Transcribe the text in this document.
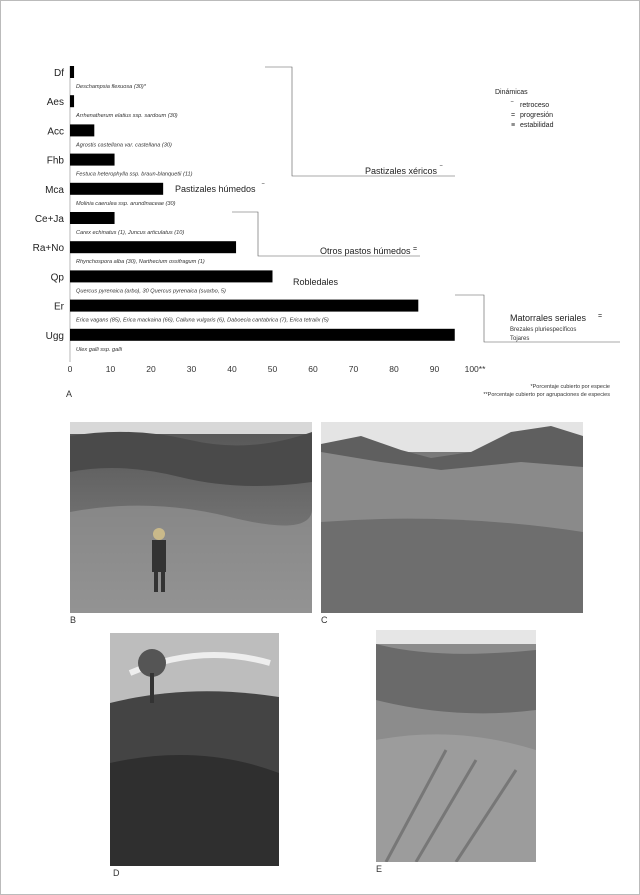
Df
Deschampsia flexuosa (30)*
Aes
Arrhenatherum elatius ssp. sardoum (30)
Acc
Agrostis castellana var. castellana (30)
Fhb
Festuca heterophylla ssp. braun-blanquetii (11)
Mca
Molinia caerulea ssp. arundinaceae (30)
Ce+Ja
Carex echinatus (1), Juncus articulatus (10)
Ra+No
Rhynchospora alba (30), Narthecium ossifragum (1)
Qp
Quercus pyrenaica (arbo), 30 Quercus pyrenaica (suarbo, 5)
Er
Erica vagans (85), Erica mackaina (66), Calluna vulgaris (6), Daboecia cantabrica (7), Erica tetralix (5)
Ugg
Ulex galli ssp. galli
0	10	20	30	40	50	60	70	80	90	100**
Pastizales xéricos ‾
Pastizales húmedos ‾
Otros pastos húmedos =
Robledales
Matorrales seriales =
Brezales pluriespecíficos
Tojares
Dinámicas
‾ retroceso
= progresión
≡ estabilidad
A
*Porcentaje cubierto por especie
**Porcentaje cubierto por agrupaciones de especies
B	C
D	E
